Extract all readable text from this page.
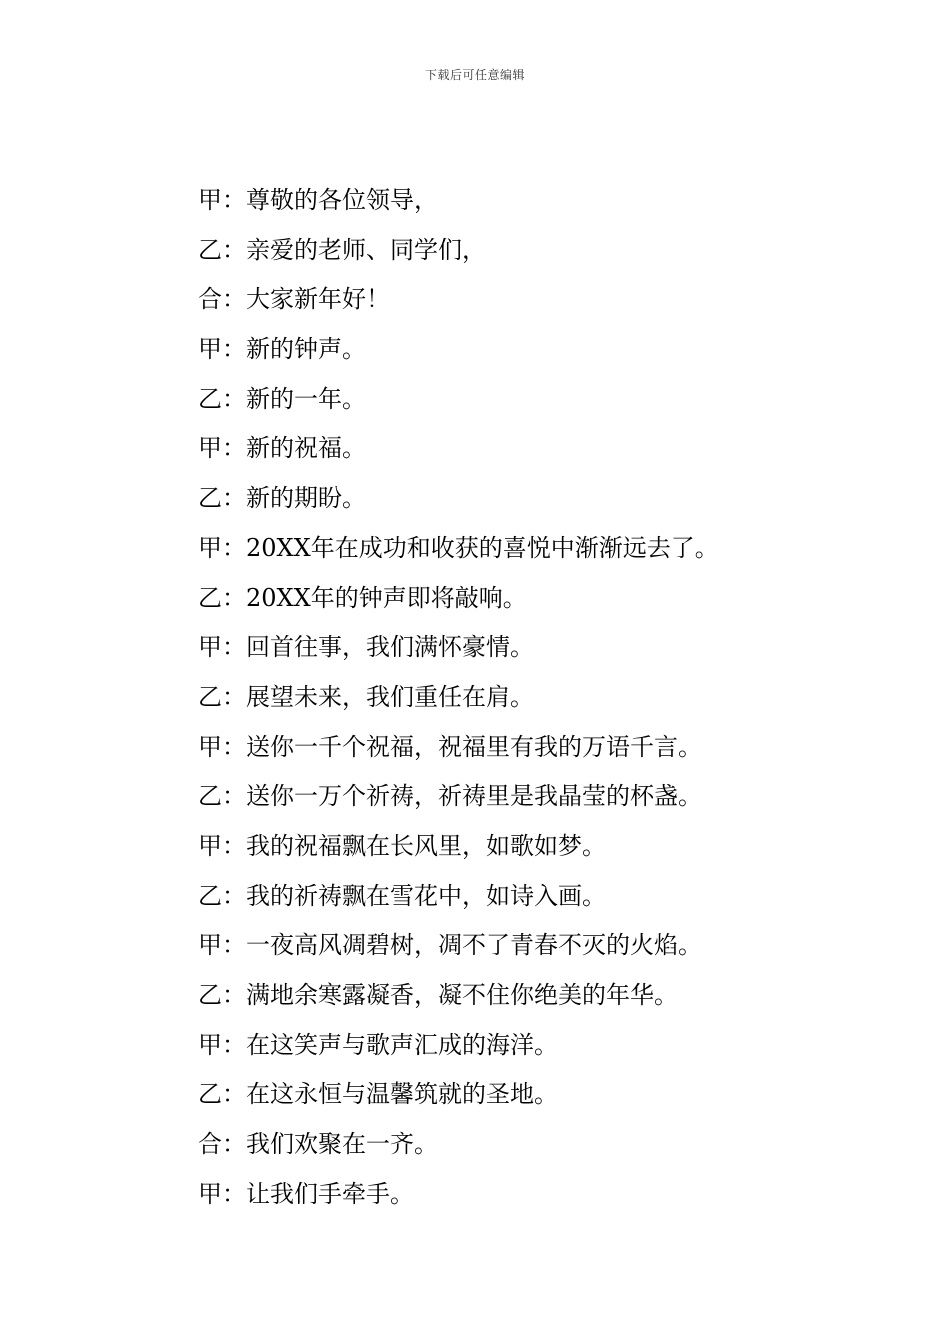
下载后可任意编辑
甲：尊敬的各位领导，
乙：亲爱的老师、同学们，
合：大家新年好！
甲：新的钟声。
乙：新的一年。
甲：新的祝福。
乙：新的期盼。
甲：20XX年在成功和收获的喜悦中渐渐远去了。
乙：20XX年的钟声即将敲响。
甲：回首往事，我们满怀豪情。
乙：展望未来，我们重任在肩。
甲：送你一千个祝福，祝福里有我的万语千言。
乙：送你一万个祈祷，祈祷里是我晶莹的杯盏。
甲：我的祝福飘在长风里，如歌如梦。
乙：我的祈祷飘在雪花中，如诗入画。
甲：一夜高风凋碧树，凋不了青春不灭的火焰。
乙：满地余寒露凝香，凝不住你绝美的年华。
甲：在这笑声与歌声汇成的海洋。
乙：在这永恒与温馨筑就的圣地。
合：我们欢聚在一齐。
甲：让我们手牵手。
